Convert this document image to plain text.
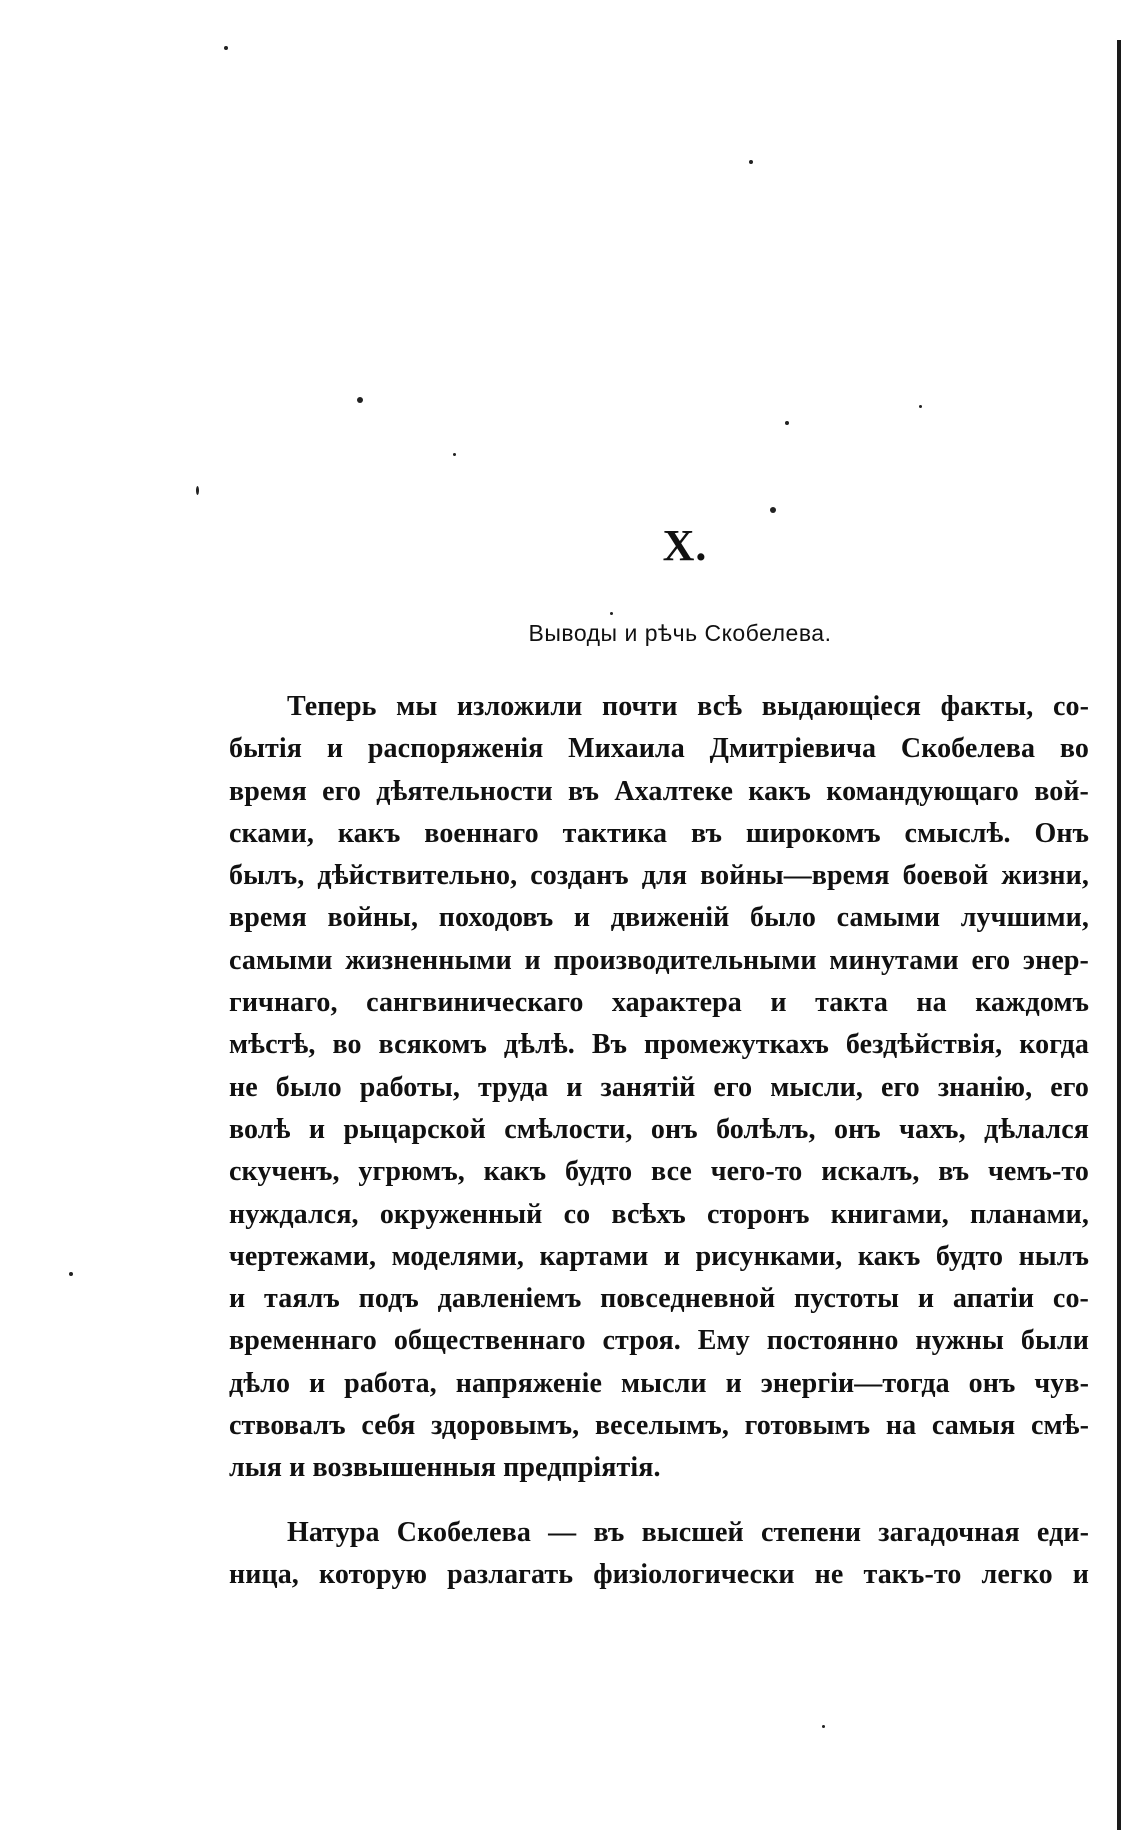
X.
Выводы и рѣчь Скобелева.
Теперь мы изложили почти всѣ выдающіеся факты, со-
бытія и распоряженія Михаила Дмитріевича Скобелева во
время его дѣятельности въ Ахалтеке какъ командующаго вой-
сками, какъ военнаго тактика въ широкомъ смыслѣ. Онъ
былъ, дѣйствительно, созданъ для войны—время боевой жизни,
время войны, походовъ и движеній было самыми лучшими,
самыми жизненными и производительными минутами его энер-
гичнаго, сангвиническаго характера и такта на каждомъ
мѣстѣ, во всякомъ дѣлѣ. Въ промежуткахъ бездѣйствія, когда
не было работы, труда и занятій его мысли, его знанію, его
волѣ и рыцарской смѣлости, онъ болѣлъ, онъ чахъ, дѣлался
скученъ, угрюмъ, какъ будто все чего-то искалъ, въ чемъ-то
нуждался, окруженный со всѣхъ сторонъ книгами, планами,
чертежами, моделями, картами и рисунками, какъ будто нылъ
и таялъ подъ давленіемъ повседневной пустоты и апатіи со-
временнаго общественнаго строя. Ему постоянно нужны были
дѣло и работа, напряженіе мысли и энергіи—тогда онъ чув-
ствовалъ себя здоровымъ, веселымъ, готовымъ на самыя смѣ-
лыя и возвышенныя предпріятія.
Натура Скобелева — въ высшей степени загадочная еди-
ница, которую разлагать физіологически не такъ-то легко и
